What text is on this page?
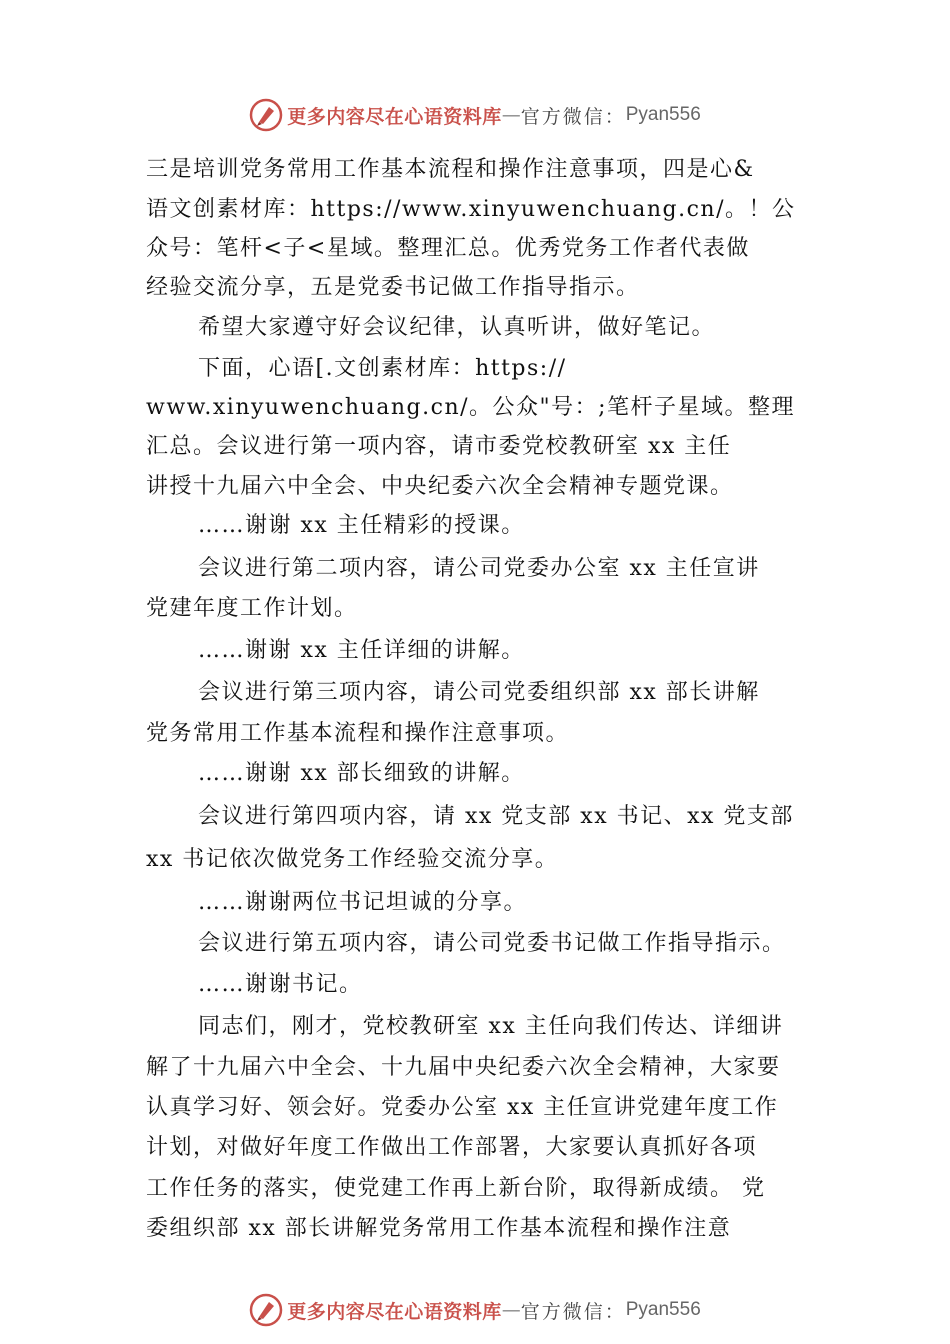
更多内容尽在心语资料库 — 官方微信： Pyan556
三是培训党务常用工作基本流程和操作注意事项，四是心&
语文创素材库：https://www.xinyuwenchuang.cn/。！公
众号：笔杆<子<星域。整理汇总。优秀党务工作者代表做
经验交流分享，五是党委书记做工作指导指示。
希望大家遵守好会议纪律，认真听讲，做好笔记。
下面，心语[.文创素材库：https://
www.xinyuwenchuang.cn/。公众"号：;笔杆子星域。整理
汇总。会议进行第一项内容，请市委党校教研室 xx 主任
讲授十九届六中全会、中央纪委六次全会精神专题党课。
……谢谢 xx 主任精彩的授课。
会议进行第二项内容，请公司党委办公室 xx 主任宣讲
党建年度工作计划。
……谢谢 xx 主任详细的讲解。
会议进行第三项内容，请公司党委组织部 xx 部长讲解
党务常用工作基本流程和操作注意事项。
……谢谢 xx 部长细致的讲解。
会议进行第四项内容，请 xx 党支部 xx 书记、xx 党支部
xx 书记依次做党务工作经验交流分享。
……谢谢两位书记坦诚的分享。
会议进行第五项内容，请公司党委书记做工作指导指示。
……谢谢书记。
同志们，刚才，党校教研室 xx 主任向我们传达、详细讲
解了十九届六中全会、十九届中央纪委六次全会精神，大家要
认真学习好、领会好。党委办公室 xx 主任宣讲党建年度工作
计划，对做好年度工作做出工作部署，大家要认真抓好各项
工作任务的落实，使党建工作再上新台阶，取得新成绩。 党
委组织部 xx 部长讲解党务常用工作基本流程和操作注意
更多内容尽在心语资料库 — 官方微信： Pyan556
